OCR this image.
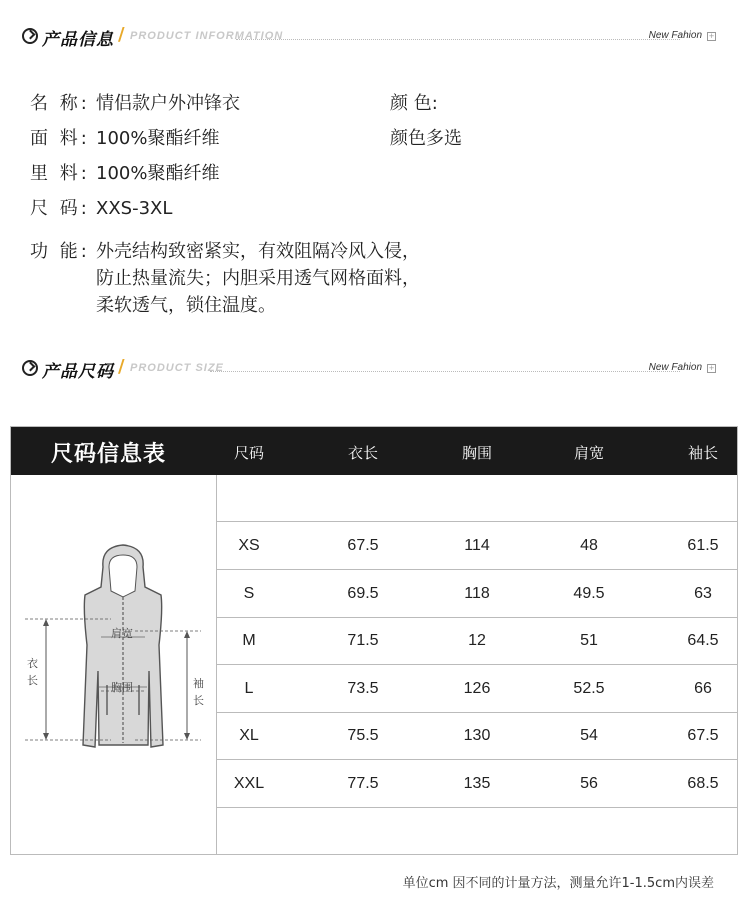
产品信息 / PRODUCT INFORMATION	New Fahion +
名 称: 情侣款户外冲锋衣	颜 色:
面 料: 100%聚酯纤维	颜色多选
里 料: 100%聚酯纤维
尺 码: XXS-3XL
功 能: 外壳结构致密紧实，有效阻隔冷风入侵，
防止热量流失；内胆采用透气网格面料，
柔软透气，锁住温度。
产品尺码 / PRODUCT SIZE	New Fahion +
尺码信息表	尺码	衣长	胸围	肩宽	袖长
肩宽
胸围
衣
长	袖
长
XS	67.5	114	48	61.5
S	69.5	118	49.5	63
M	71.5	12	51	64.5
L	73.5	126	52.5	66
XL	75.5	130	54	67.5
XXL	77.5	135	56	68.5
单位cm 因不同的计量方法，测量允许1-1.5cm内误差
